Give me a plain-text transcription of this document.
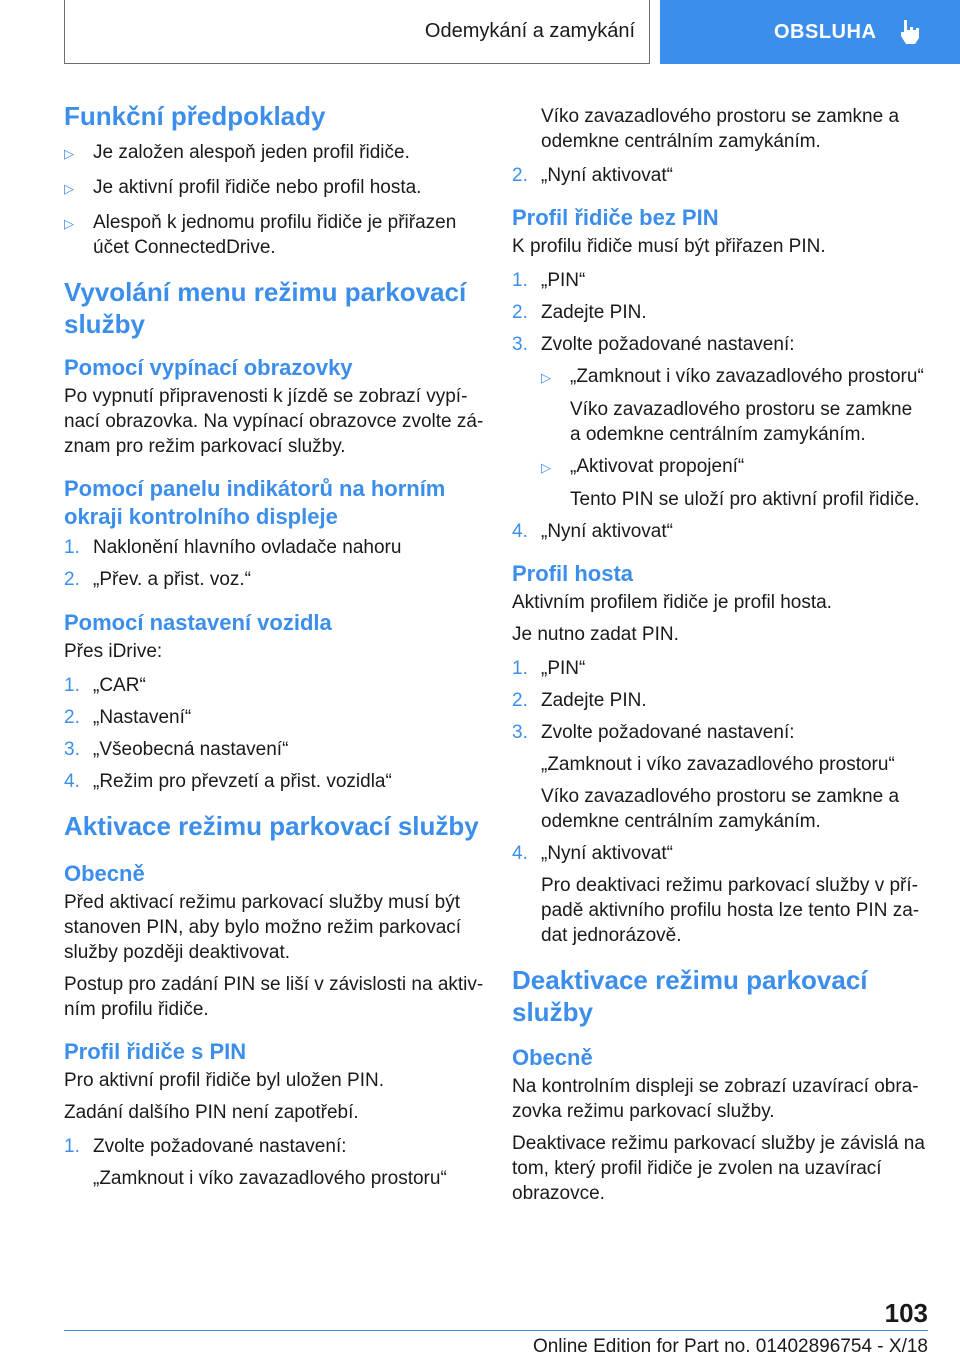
Odemykání a zamykání	OBSLUHA
Funkční předpoklady
▷	Je založen alespoň jeden profil řidiče.
▷	Je aktivní profil řidiče nebo profil hosta.
▷	Alespoň k jednomu profilu řidiče je přiřazen účet ConnectedDrive.
Vyvolání menu režimu parkovací služby
Pomocí vypínací obrazovky

Po vypnutí připravenosti k jízdě se zobrazí vypínací obrazovka. Na vypínací obrazovce zvolte záznam pro režim parkovací služby.

Pomocí panelu indikátorů na horním okraji kontrolního displeje
1. Naklonění hlavního ovladače nahoru
2. „Přev. a přist. voz.“
Pomocí nastavení vozidla

Přes iDrive:

1. „CAR“
2. „Nastavení“
3. „Všeobecná nastavení“
4. „Režim pro převzetí a přist. vozidla“
Aktivace režimu parkovací služby
Obecně

Před aktivací režimu parkovací služby musí být stanoven PIN, aby bylo možno režim parkovací služby později deaktivovat.

Postup pro zadání PIN se liší v závislosti na aktivním profilu řidiče.

Profil řidiče s PIN

Pro aktivní profil řidiče byl uložen PIN.

Zadání dalšího PIN není zapotřebí.

1. Zvolte požadované nastavení:

„Zamknout i víko zavazadlového prostoru“

Víko zavazadlového prostoru se zamkne a odemkne centrálním zamykáním.

2. „Nyní aktivovat“
Profil řidiče bez PIN

K profilu řidiče musí být přiřazen PIN.

1. „PIN“
2. Zadejte PIN.
3. Zvolte požadované nastavení:
▷	„Zamknout i víko zavazadlového prostoru“

Víko zavazadlového prostoru se zamkne a odemkne centrálním zamykáním.

▷	„Aktivovat propojení“

Tento PIN se uloží pro aktivní profil řidiče.

4. „Nyní aktivovat“
Profil hosta

Aktivním profilem řidiče je profil hosta.

Je nutno zadat PIN.

1. „PIN“
2. Zadejte PIN.
3. Zvolte požadované nastavení:

„Zamknout i víko zavazadlového prostoru“

Víko zavazadlového prostoru se zamkne a odemkne centrálním zamykáním.

4. „Nyní aktivovat“

Pro deaktivaci režimu parkovací služby v případě aktivního profilu hosta lze tento PIN zadat jednorázově.

Deaktivace režimu parkovací služby
Obecně

Na kontrolním displeji se zobrazí uzavírací obrazovka režimu parkovací služby.

Deaktivace režimu parkovací služby je závislá na tom, který profil řidiče je zvolen na uzavírací obrazovce.

103
Online Edition for Part no. 01402896754 - X/18
